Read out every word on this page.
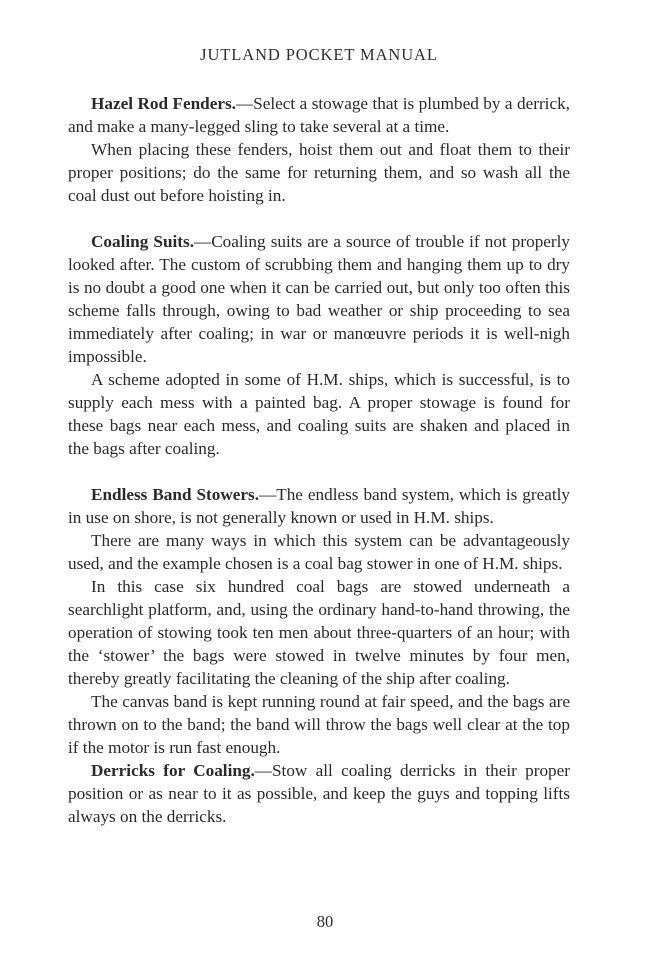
JUTLAND POCKET MANUAL

Hazel Rod Fenders.—Select a stowage that is plumbed by a derrick, and make a many-legged sling to take several at a time.

When placing these fenders, hoist them out and float them to their proper positions; do the same for returning them, and so wash all the coal dust out before hoisting in.

Coaling Suits.—Coaling suits are a source of trouble if not properly looked after. The custom of scrubbing them and hanging them up to dry is no doubt a good one when it can be carried out, but only too often this scheme falls through, owing to bad weather or ship proceeding to sea immediately after coaling; in war or manœuvre periods it is well-nigh impossible.

A scheme adopted in some of H.M. ships, which is successful, is to supply each mess with a painted bag. A proper stowage is found for these bags near each mess, and coaling suits are shaken and placed in the bags after coaling.

Endless Band Stowers.—The endless band system, which is greatly in use on shore, is not generally known or used in H.M. ships.

There are many ways in which this system can be advantageously used, and the example chosen is a coal bag stower in one of H.M. ships.

In this case six hundred coal bags are stowed underneath a searchlight platform, and, using the ordinary hand-to-hand throwing, the operation of stowing took ten men about three-quarters of an hour; with the ‘stower’ the bags were stowed in twelve minutes by four men, thereby greatly facilitating the cleaning of the ship after coaling.

The canvas band is kept running round at fair speed, and the bags are thrown on to the band; the band will throw the bags well clear at the top if the motor is run fast enough.

Derricks for Coaling.—Stow all coaling derricks in their proper position or as near to it as possible, and keep the guys and topping lifts always on the derricks.

80
